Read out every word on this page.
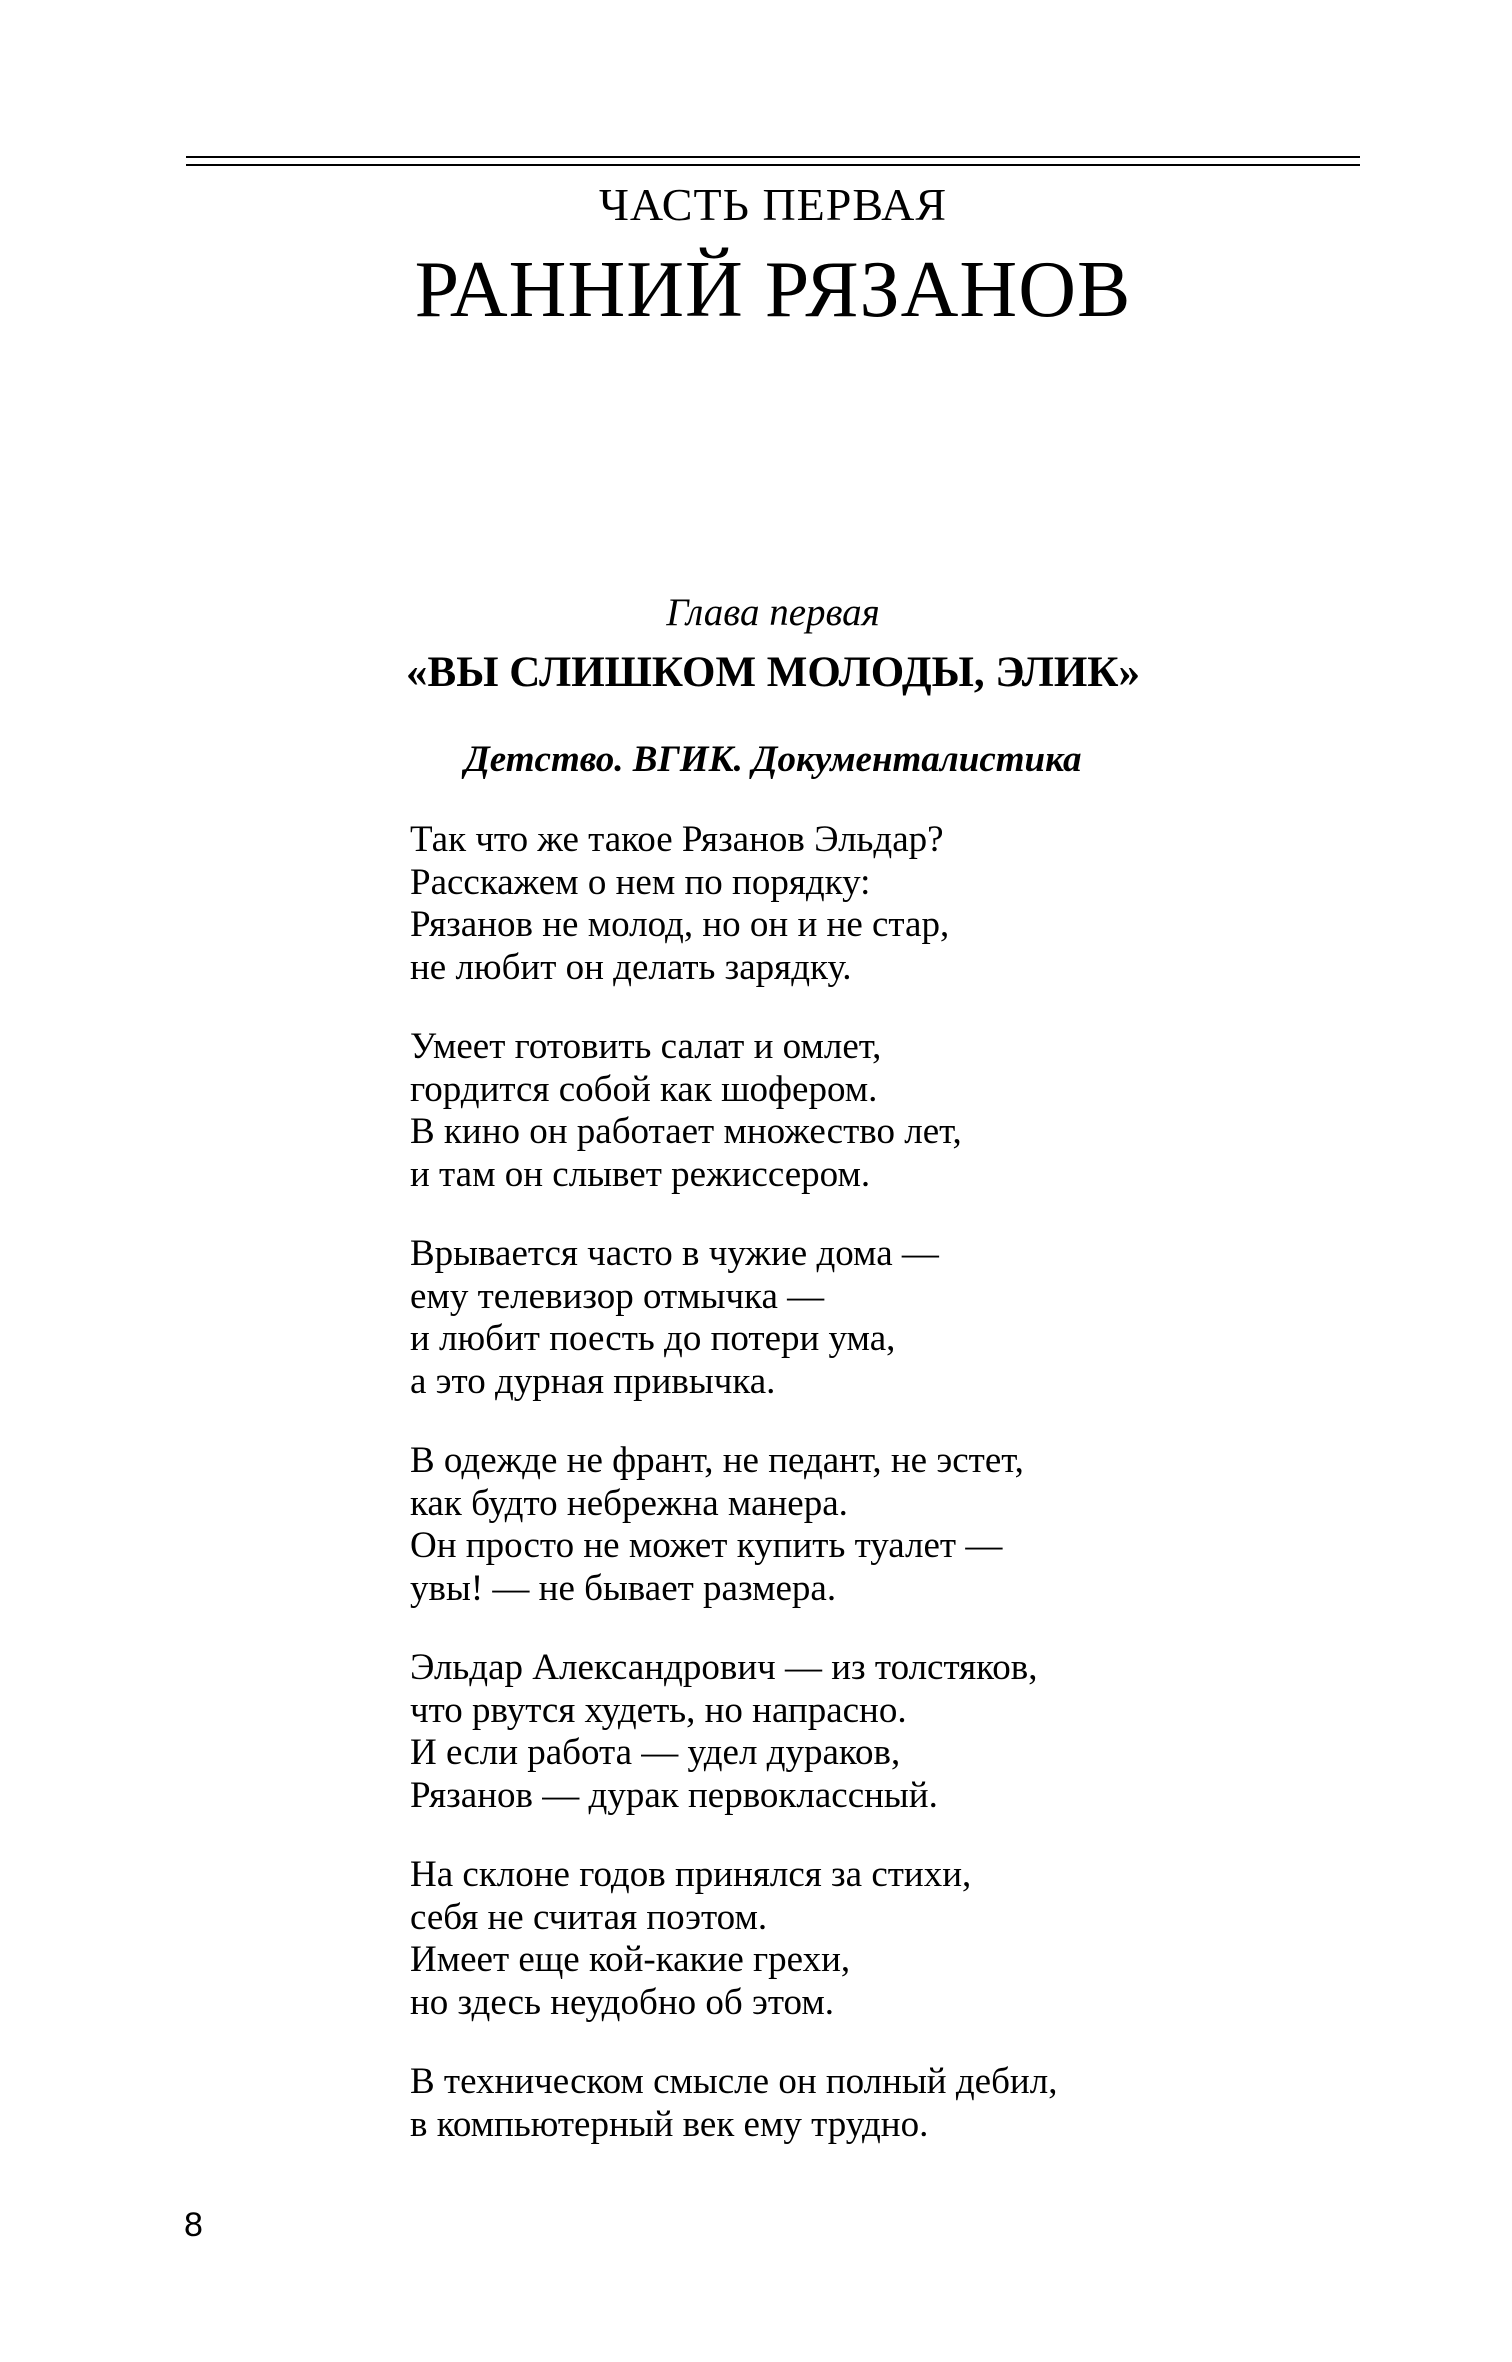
ЧАСТЬ ПЕРВАЯ
РАННИЙ РЯЗАНОВ
Глава первая
«ВЫ СЛИШКОМ МОЛОДЫ, ЭЛИК»
Детство. ВГИК. Документалистика
Так что же такое Рязанов Эльдар?
Расскажем о нем по порядку:
Рязанов не молод, но он и не стар,
не любит он делать зарядку.
Умеет готовить салат и омлет,
гордится собой как шофером.
В кино он работает множество лет,
и там он слывет режиссером.
Врывается часто в чужие дома —
ему телевизор отмычка —
и любит поесть до потери ума,
а это дурная привычка.
В одежде не франт, не педант, не эстет,
как будто небрежна манера.
Он просто не может купить туалет —
увы! — не бывает размера.
Эльдар Александрович — из толстяков,
что рвутся худеть, но напрасно.
И если работа — удел дураков,
Рязанов — дурак первоклассный.
На склоне годов принялся за стихи,
себя не считая поэтом.
Имеет еще кой-какие грехи,
но здесь неудобно об этом.
В техническом смысле он полный дебил,
в компьютерный век ему трудно.
8
